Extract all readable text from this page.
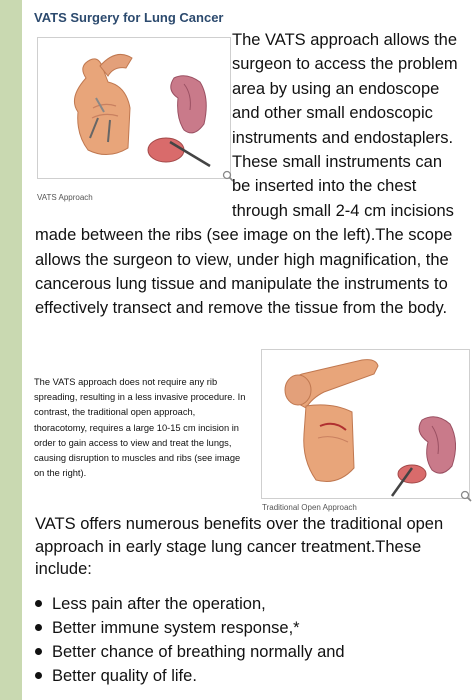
VATS Surgery for Lung Cancer
VATS Approach

The VATS approach allows the surgeon to access the problem area by using an endoscope and other small endoscopic instruments and endostaplers. These small instruments can be inserted into the chest through small 2-4 cm incisions made between the ribs (see image on the left).The scope allows the surgeon to view, under high magnification, the cancerous lung tissue and manipulate the instruments to effectively transect and remove the tissue from the body.

The VATS approach does not require any rib spreading, resulting in a less invasive procedure. In contrast, the traditional open approach, thoracotomy, requires a large 10-15 cm incision in order to gain access to view and treat the lungs, causing disruption to muscles and ribs (see image on the right).

Traditional Open Approach

VATS offers numerous benefits over the traditional open approach in early stage lung cancer treatment.These include:

Less pain after the operation,
Better immune system response,*
Better chance of breathing normally and
Better quality of life.
